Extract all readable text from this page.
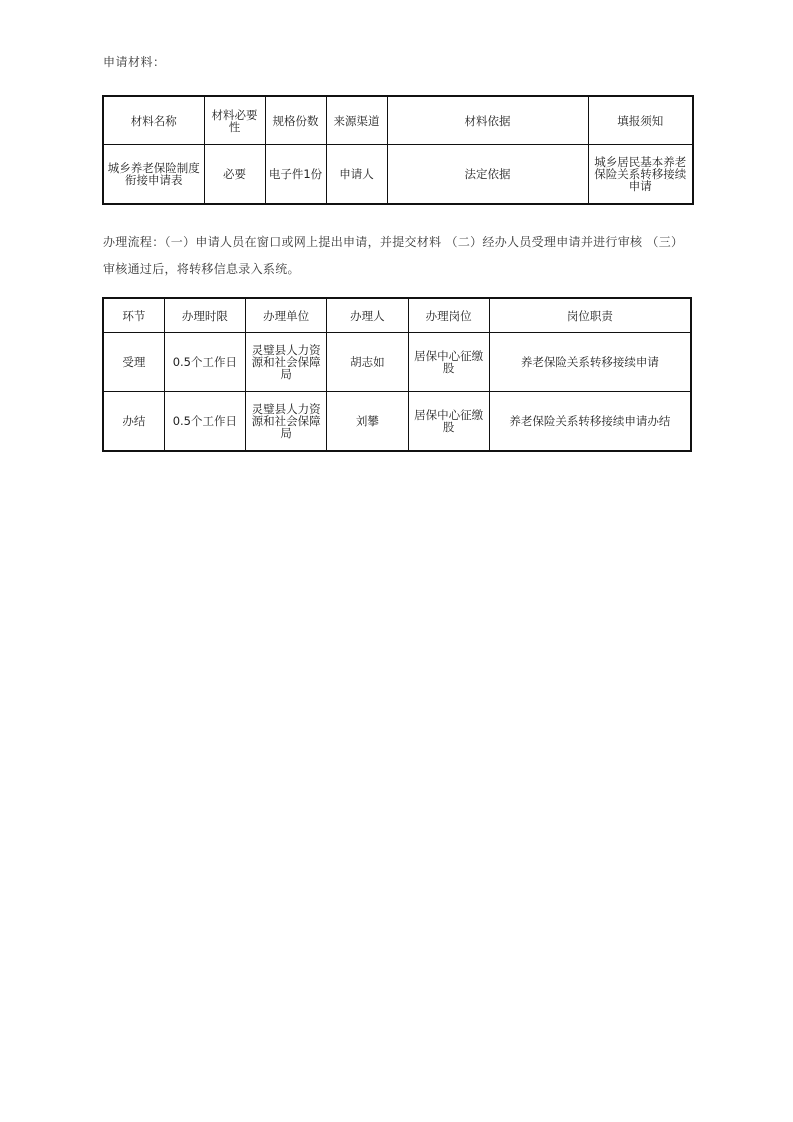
申请材料：
材料名称	材料必要性	规格份数	来源渠道	材料依据	填报须知
城乡养老保险制度衔接申请表	必要	电子件1份	申请人	法定依据	城乡居民基本养老保险关系转移接续申请
办理流程：（一）申请人员在窗口或网上提出申请，并提交材料 （二）经办人员受理申请并进行审核 （三）审核通过后，将转移信息录入系统。
环节	办理时限	办理单位	办理人	办理岗位	岗位职责
受理	0.5个工作日	灵璧县人力资源和社会保障局	胡志如	居保中心征缴股	养老保险关系转移接续申请
办结	0.5个工作日	灵璧县人力资源和社会保障局	刘攀	居保中心征缴股	养老保险关系转移接续申请办结
